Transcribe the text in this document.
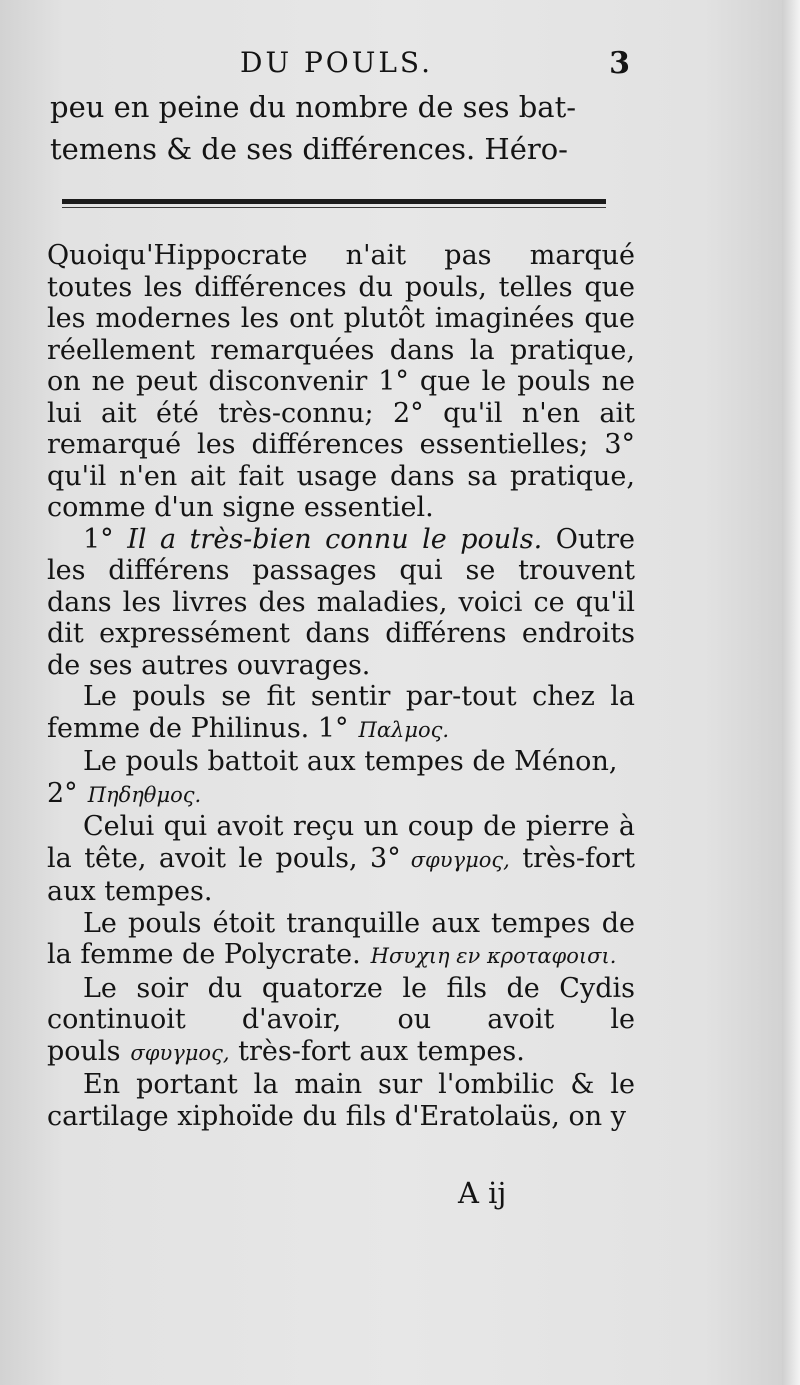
DU POULS.	3
peu en peine du nombre de ses bat-
temens & de ses différences. Héro-

Quoiqu'Hippocrate n'ait pas marqué toutes les différences du pouls, telles que les modernes les ont plutôt imaginées que réellement remarquées dans la pratique, on ne peut disconvenir 1° que le pouls ne lui ait été très-connu; 2° qu'il n'en ait remarqué les différences essentielles; 3° qu'il n'en ait fait usage dans sa pratique, comme d'un signe essentiel.

1° Il a très-bien connu le pouls. Outre les différens passages qui se trouvent dans les livres des maladies, voici ce qu'il dit expressément dans différens endroits de ses autres ouvrages.

Le pouls se fit sentir par-tout chez la femme de Philinus. 1° Παλμος.

Le pouls battoit aux tempes de Ménon,
2° Πηδηθμος.

Celui qui avoit reçu un coup de pierre à la tête, avoit le pouls, 3° σφυγμος, très-fort aux tempes.

Le pouls étoit tranquille aux tempes de la femme de Polycrate. Ησυχιη εν κροταφοισι.

Le soir du quatorze le fils de Cydis continuoit d'avoir, ou avoit le pouls σφυγμος, très-fort aux tempes.

En portant la main sur l'ombilic & le cartilage xiphoïde du fils d'Eratolaüs, on y

A ij
